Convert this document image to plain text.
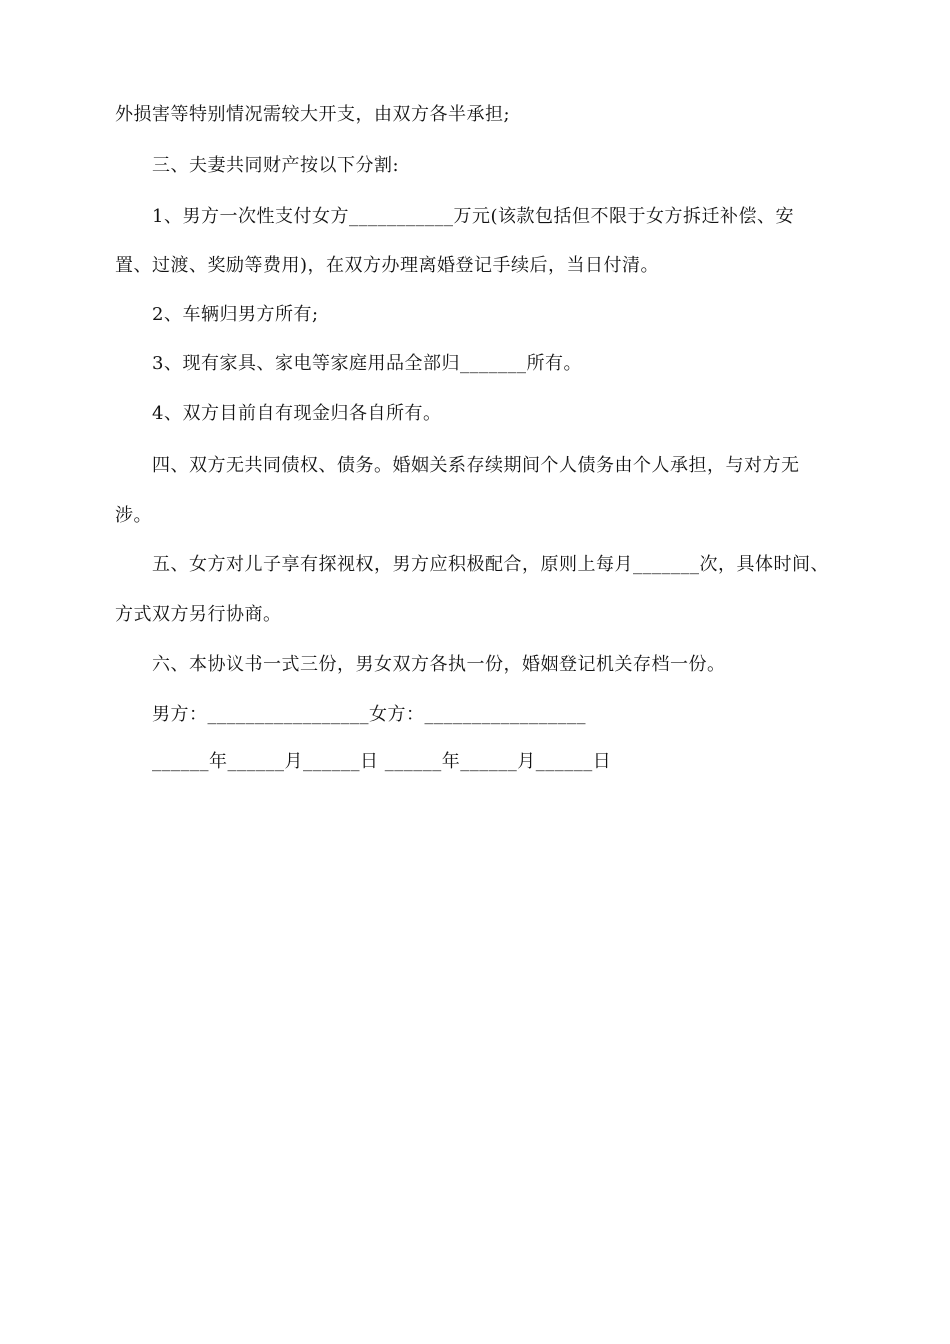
外损害等特别情况需较大开支，由双方各半承担;
三、夫妻共同财产按以下分割:
1、男方一次性支付女方___________万元(该款包括但不限于女方拆迁补偿、安
置、过渡、奖励等费用)，在双方办理离婚登记手续后，当日付清。
2、车辆归男方所有;
3、现有家具、家电等家庭用品全部归_______所有。
4、双方目前自有现金归各自所有。
四、双方无共同债权、债务。婚姻关系存续期间个人债务由个人承担，与对方无
涉。
五、女方对儿子享有探视权，男方应积极配合，原则上每月_______次，具体时间、
方式双方另行协商。
六、本协议书一式三份，男女双方各执一份，婚姻登记机关存档一份。
男方：_________________女方：_________________
______年______月______日 ______年______月______日
